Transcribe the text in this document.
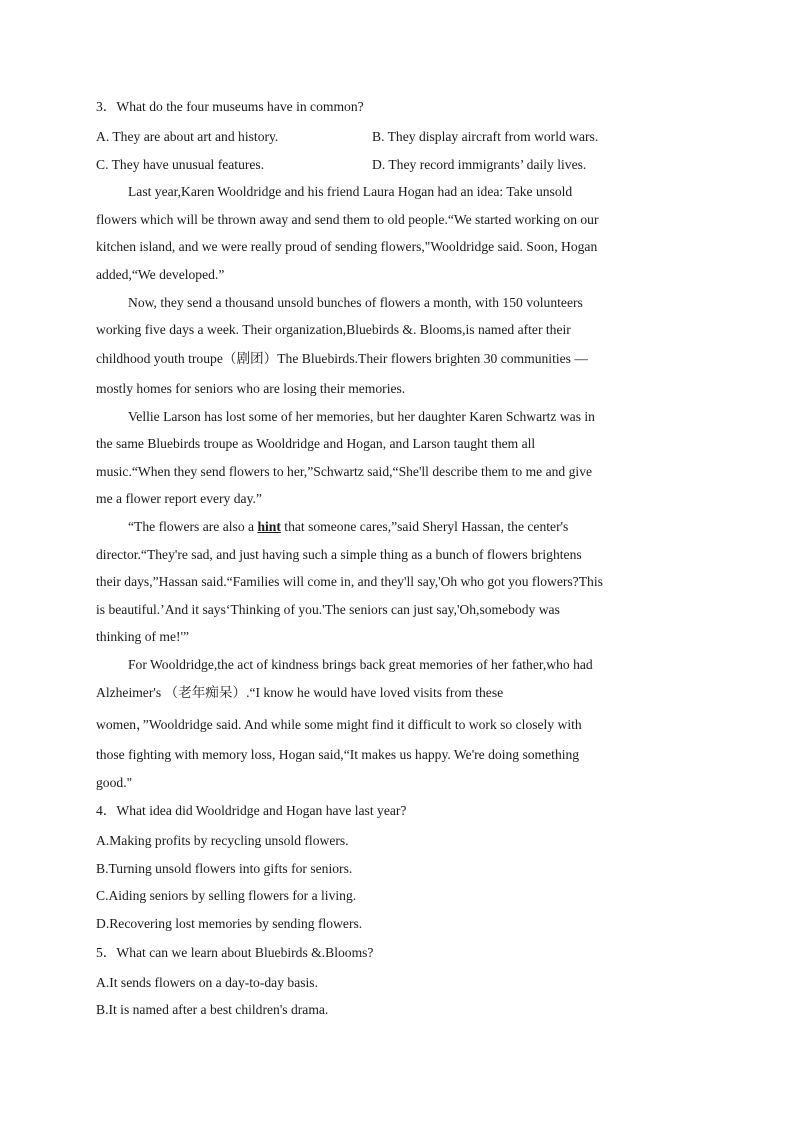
3．What do the four museums have in common?
A. They are about art and history.	B. They display aircraft from world wars.
C. They have unusual features.	D. They record immigrants’ daily lives.
Last year,Karen Wooldridge and his friend Laura Hogan had an idea: Take unsold
flowers which will be thrown away and send them to old people.“We started working on our
kitchen island, and we were really proud of sending flowers,"Wooldridge said. Soon, Hogan
added,“We developed.”
Now, they send a thousand unsold bunches of flowers a month, with 150 volunteers
working five days a week. Their organization,Bluebirds &. Blooms,is named after their
childhood youth troupe（剧团）The Bluebirds.Their flowers brighten 30 communities —
mostly homes for seniors who are losing their memories.
Vellie Larson has lost some of her memories, but her daughter Karen Schwartz was in
the same Bluebirds troupe as Wooldridge and Hogan, and Larson taught them all
music.“When they send flowers to her,”Schwartz said,“She'll describe them to me and give
me a flower report every day.”
“The flowers are also a hint that someone cares,”said Sheryl Hassan, the center's
director.“They're sad, and just having such a simple thing as a bunch of flowers brightens
their days,”Hassan said.“Families will come in, and they'll say,'Oh who got you flowers?This
is beautiful.’And it says‘Thinking of you.'The seniors can just say,'Oh,somebody was
thinking of me!'”
For Wooldridge,the act of kindness brings back great memories of her father,who had
Alzheimer's （老年痴呆）.“I know he would have loved visits from these
women，”Wooldridge said. And while some might find it difficult to work so closely with
those fighting with memory loss, Hogan said,“It makes us happy. We're doing something
good."
4．What idea did Wooldridge and Hogan have last year?
A.Making profits by recycling unsold flowers.
B.Turning unsold flowers into gifts for seniors.
C.Aiding seniors by selling flowers for a living.
D.Recovering lost memories by sending flowers.
5．What can we learn about Bluebirds &.Blooms?
A.It sends flowers on a day-to-day basis.
B.It is named after a best children's drama.
